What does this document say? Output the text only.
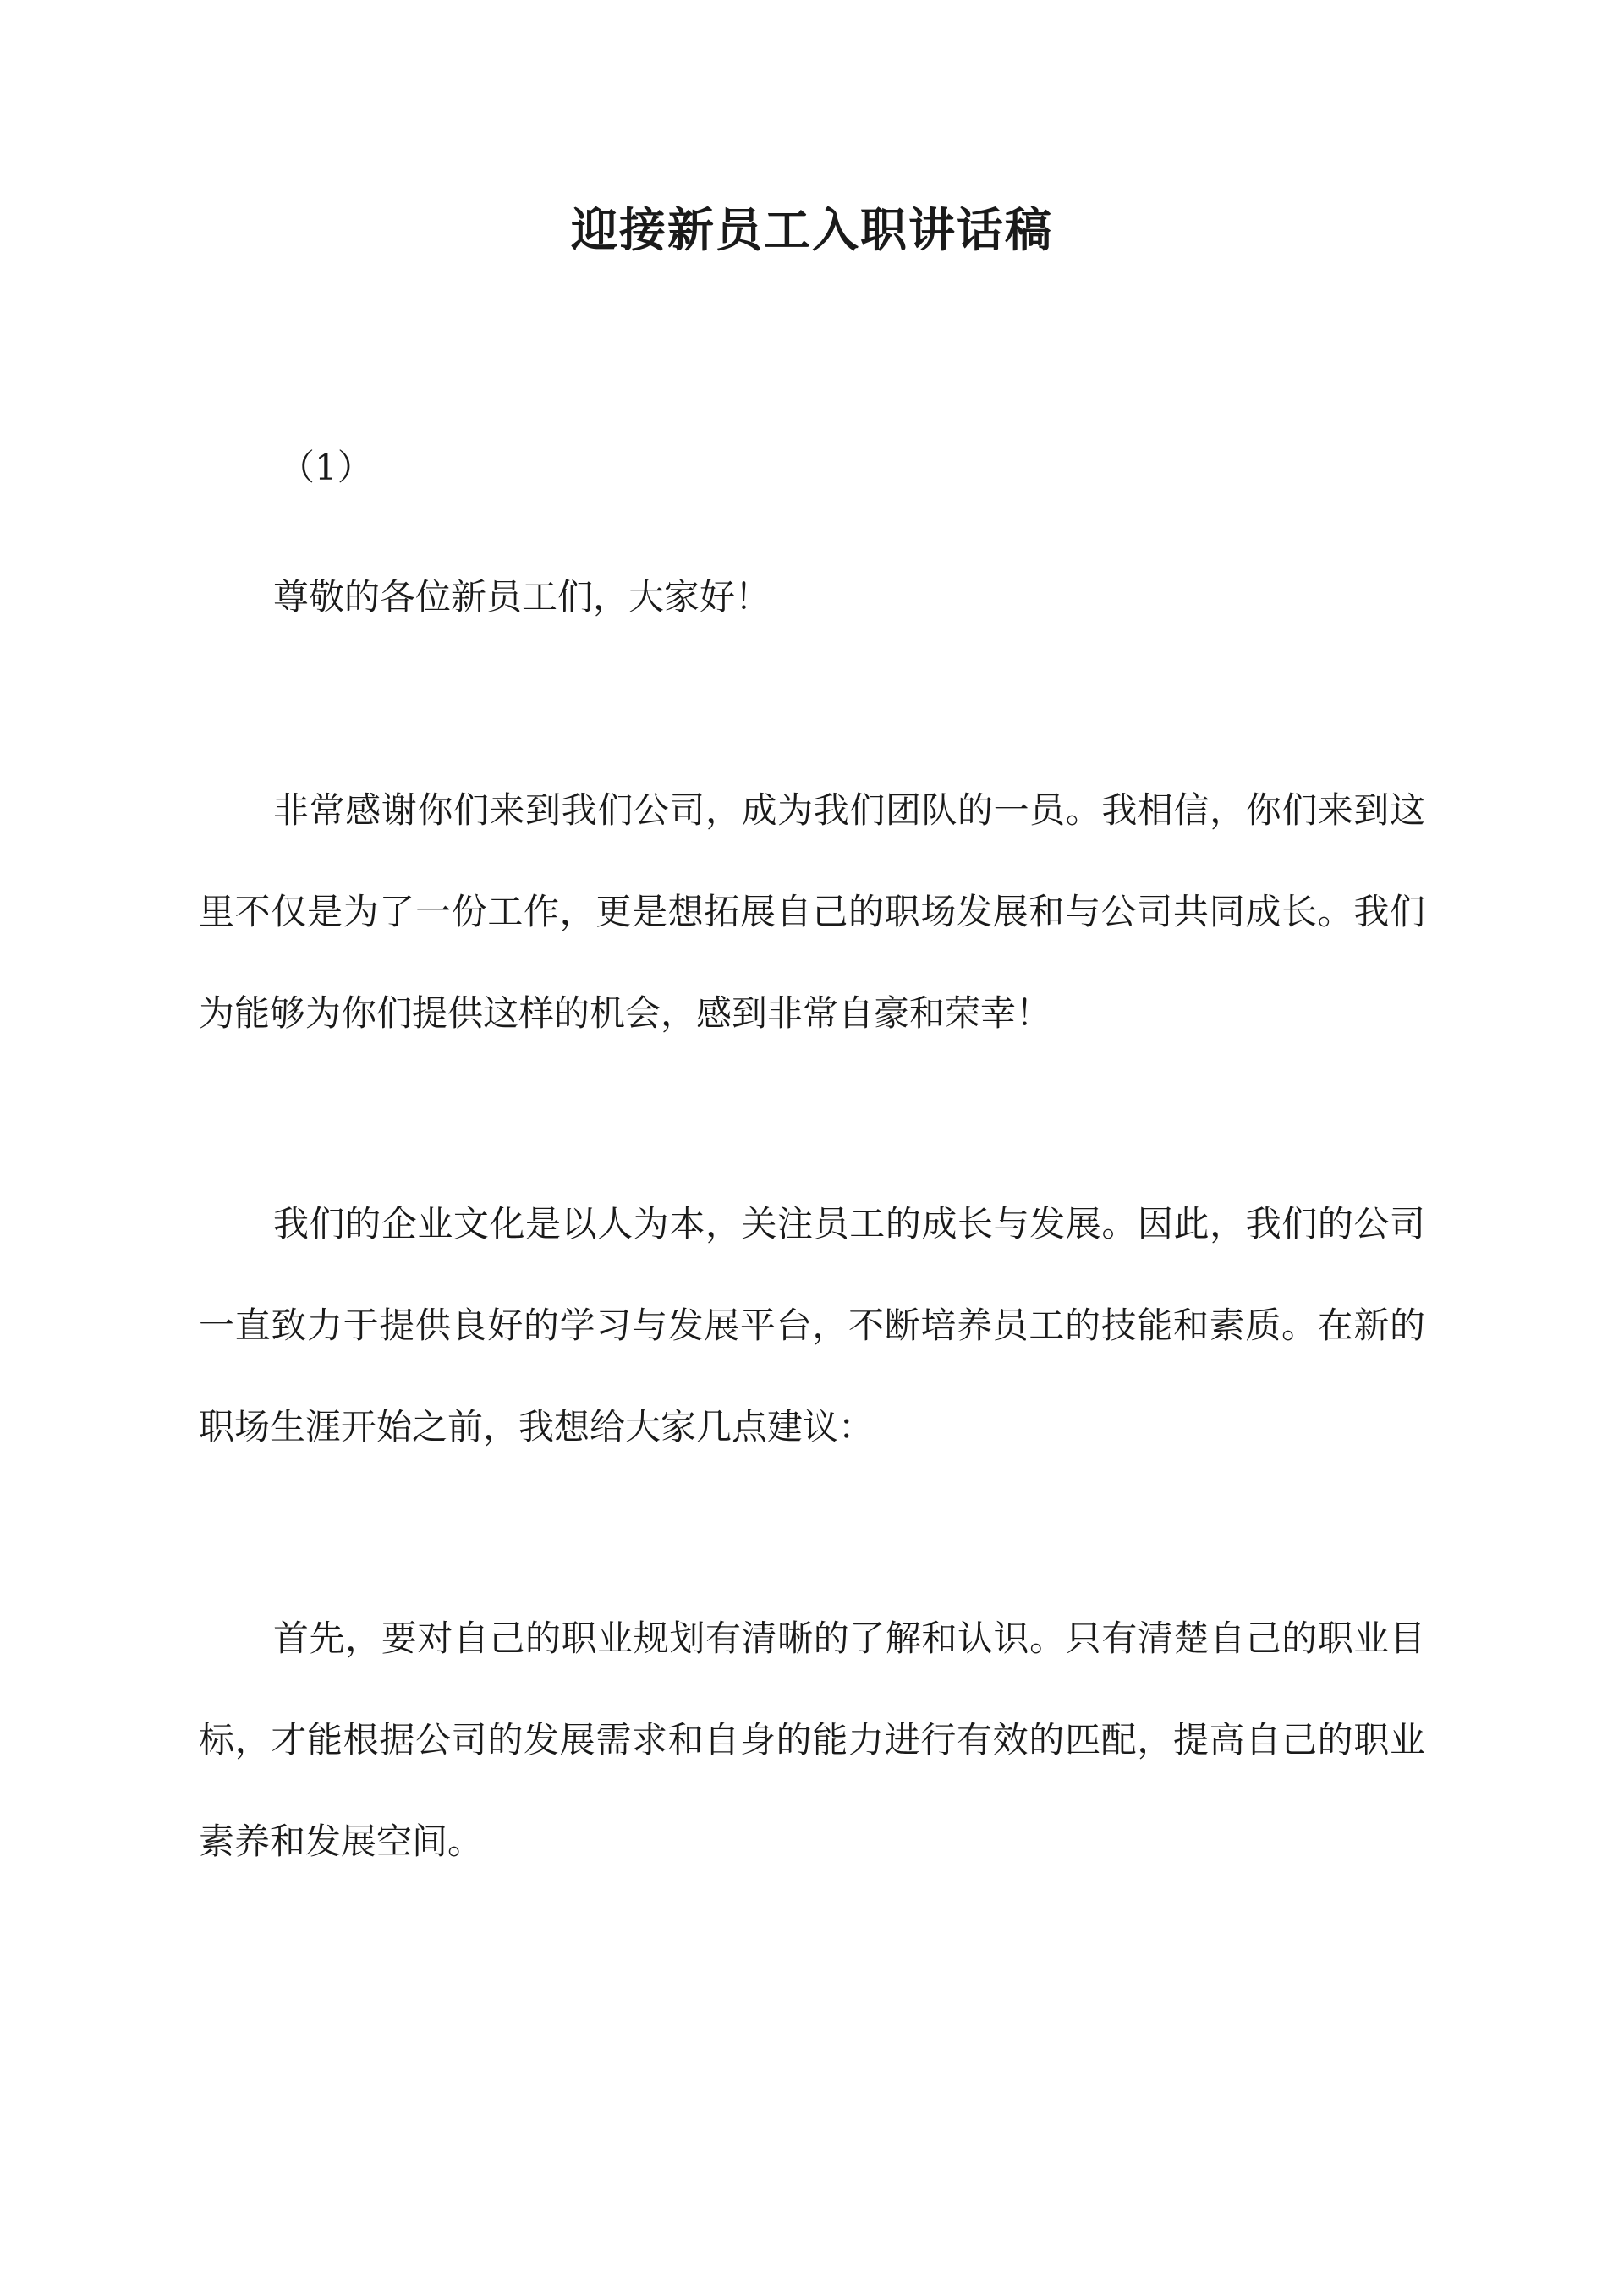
迎接新员工入职讲话稿

（1）

尊敬的各位新员工们，大家好！

非常感谢你们来到我们公司，成为我们团队的一员。我相信，你们来到这里不仅是为了一份工作，更是想拓展自己的职场发展和与公司共同成长。我们为能够为你们提供这样的机会，感到非常自豪和荣幸！

我们的企业文化是以人为本，关注员工的成长与发展。因此，我们的公司一直致力于提供良好的学习与发展平台，不断培养员工的技能和素质。在新的职场生涯开始之前，我想给大家几点建议：

首先，要对自己的职业规划有清晰的了解和认识。只有清楚自己的职业目标，才能根据公司的发展需求和自身的能力进行有效的匹配，提高自己的职业素养和发展空间。
